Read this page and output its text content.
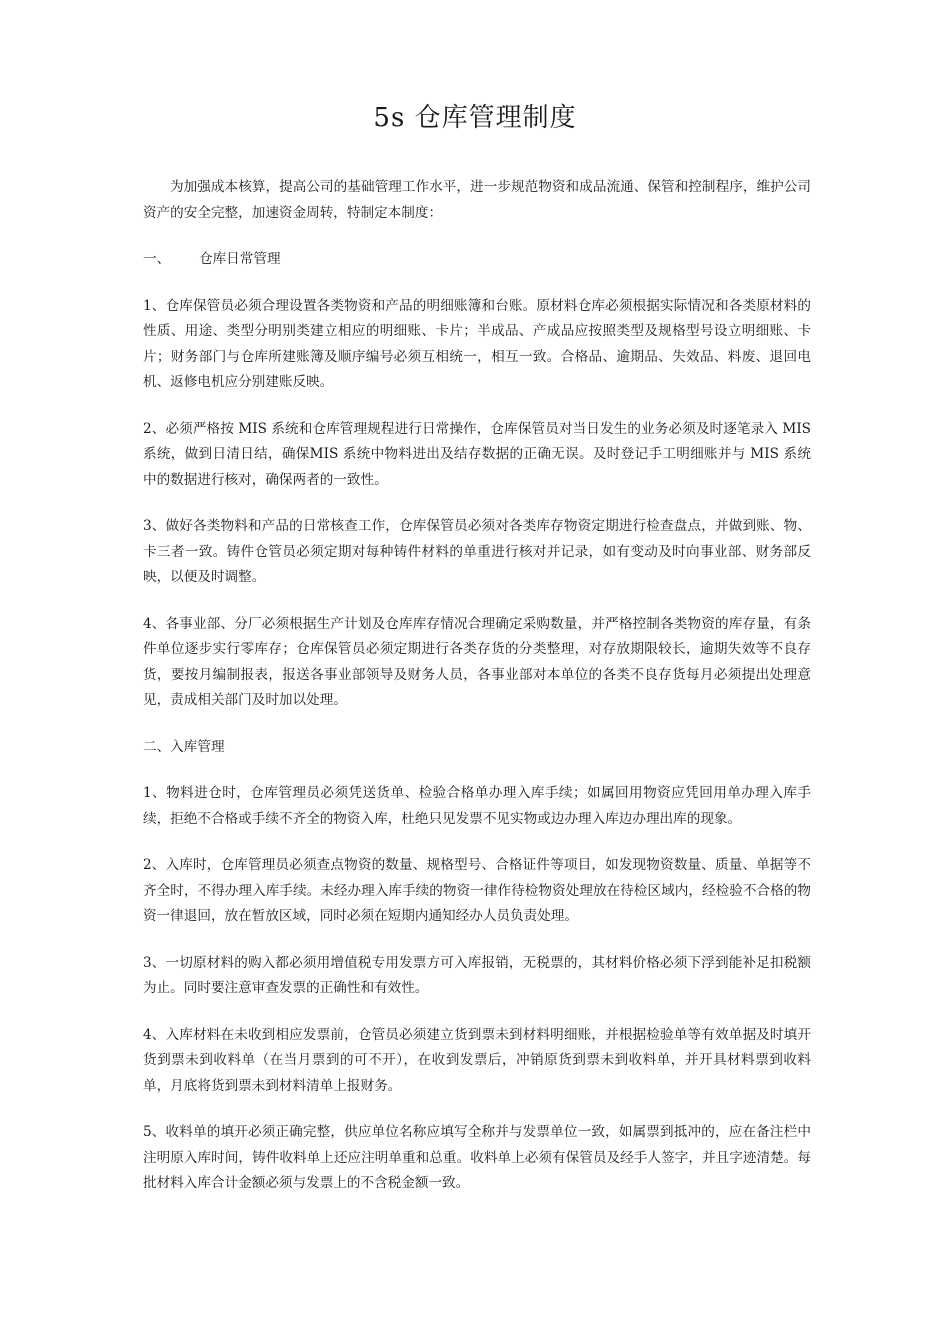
5s 仓库管理制度

为加强成本核算，提高公司的基础管理工作水平，进一步规范物资和成品流通、保管和控制程序，维护公司资产的安全完整，加速资金周转，特制定本制度：

一、 仓库日常管理

1、仓库保管员必须合理设置各类物资和产品的明细账簿和台账。原材料仓库必须根据实际情况和各类原材料的性质、用途、类型分明别类建立相应的明细账、卡片；半成品、产成品应按照类型及规格型号设立明细账、卡片；财务部门与仓库所建账簿及顺序编号必须互相统一，相互一致。合格品、逾期品、失效品、料废、退回电机、返修电机应分别建账反映。

2、必须严格按 MIS 系统和仓库管理规程进行日常操作，仓库保管员对当日发生的业务必须及时逐笔录入 MIS 系统，做到日清日结，确保MIS 系统中物料进出及结存数据的正确无误。及时登记手工明细账并与 MIS 系统中的数据进行核对，确保两者的一致性。

3、做好各类物料和产品的日常核查工作，仓库保管员必须对各类库存物资定期进行检查盘点，并做到账、物、卡三者一致。铸件仓管员必须定期对每种铸件材料的单重进行核对并记录，如有变动及时向事业部、财务部反映，以便及时调整。

4、各事业部、分厂必须根据生产计划及仓库库存情况合理确定采购数量，并严格控制各类物资的库存量，有条件单位逐步实行零库存；仓库保管员必须定期进行各类存货的分类整理，对存放期限较长，逾期失效等不良存货，要按月编制报表，报送各事业部领导及财务人员，各事业部对本单位的各类不良存货每月必须提出处理意见，责成相关部门及时加以处理。

二、入库管理

1、物料进仓时，仓库管理员必须凭送货单、检验合格单办理入库手续；如属回用物资应凭回用单办理入库手续，拒绝不合格或手续不齐全的物资入库，杜绝只见发票不见实物或边办理入库边办理出库的现象。

2、入库时，仓库管理员必须查点物资的数量、规格型号、合格证件等项目，如发现物资数量、质量、单据等不齐全时，不得办理入库手续。未经办理入库手续的物资一律作待检物资处理放在待检区域内，经检验不合格的物资一律退回，放在暂放区域，同时必须在短期内通知经办人员负责处理。

3、一切原材料的购入都必须用增值税专用发票方可入库报销，无税票的，其材料价格必须下浮到能补足扣税额为止。同时要注意审查发票的正确性和有效性。

4、入库材料在未收到相应发票前，仓管员必须建立货到票未到材料明细账，并根据检验单等有效单据及时填开货到票未到收料单（在当月票到的可不开），在收到发票后，冲销原货到票未到收料单，并开具材料票到收料单，月底将货到票未到材料清单上报财务。

5、收料单的填开必须正确完整，供应单位名称应填写全称并与发票单位一致，如属票到抵冲的，应在备注栏中注明原入库时间，铸件收料单上还应注明单重和总重。收料单上必须有保管员及经手人签字，并且字迹清楚。每批材料入库合计金额必须与发票上的不含税金额一致。
